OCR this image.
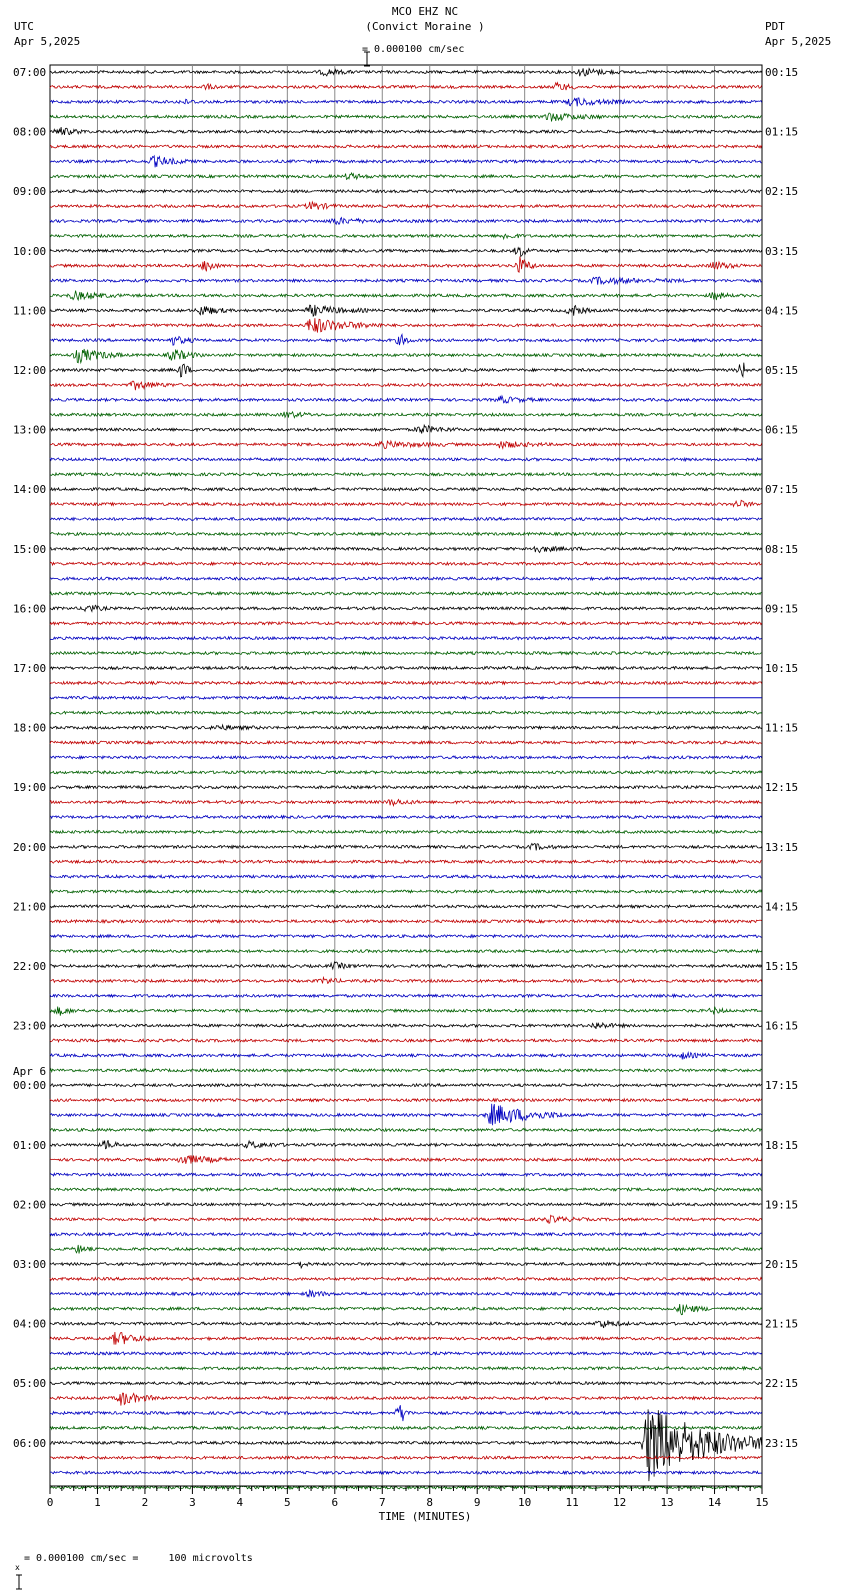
MCO EHZ NC
(Convict Moraine )

= 0.000100 cm/sec
UTC
Apr 5,2025
PDT
Apr 5,2025
07:00
08:00
09:00
10:00
11:00
12:00
13:00
14:00
15:00
16:00
17:00
18:00
19:00
20:00
21:00
22:00
23:00
00:00
01:00
02:00
03:00
04:00
05:00
06:00
00:15
01:15
02:15
03:15
04:15
05:15
06:15
07:15
08:15
09:15
10:15
11:15
12:15
13:15
14:15
15:15
16:15
17:15
18:15
19:15
20:15
21:15
22:15
23:15
Apr 6
0	1	2	3	4	5	6	7	8	9	10	11	12	13	14	15
TIME (MINUTES)

x

= 0.000100 cm/sec =     100 microvolts
